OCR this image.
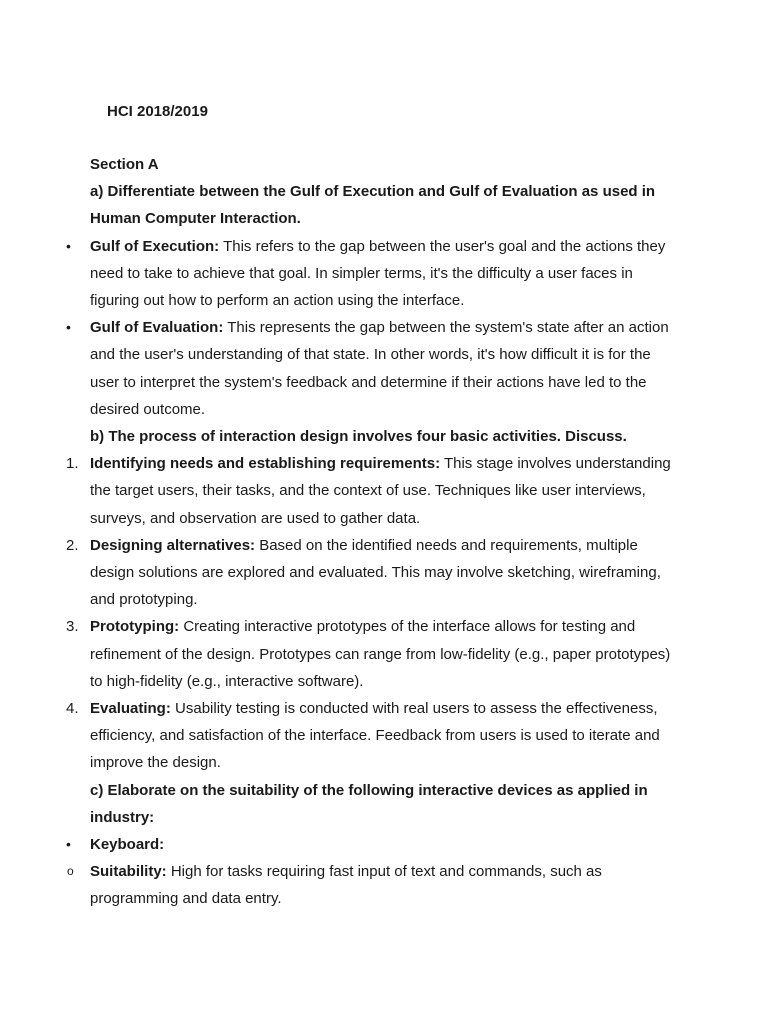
HCI 2018/2019

Section A

a) Differentiate between the Gulf of Execution and Gulf of Evaluation as used in Human Computer Interaction.

•	Gulf of Execution: This refers to the gap between the user's goal and the actions they need to take to achieve that goal. In simpler terms, it's the difficulty a user faces in figuring out how to perform an action using the interface.
•	Gulf of Evaluation: This represents the gap between the system's state after an action and the user's understanding of that state. In other words, it's how difficult it is for the user to interpret the system's feedback and determine if their actions have led to the desired outcome.

b) The process of interaction design involves four basic activities. Discuss.

1. Identifying needs and establishing requirements: This stage involves understanding the target users, their tasks, and the context of use. Techniques like user interviews, surveys, and observation are used to gather data.
2. Designing alternatives: Based on the identified needs and requirements, multiple design solutions are explored and evaluated. This may involve sketching, wireframing, and prototyping.
3. Prototyping: Creating interactive prototypes of the interface allows for testing and refinement of the design. Prototypes can range from low-fidelity (e.g., paper prototypes) to high-fidelity (e.g., interactive software).
4. Evaluating: Usability testing is conducted with real users to assess the effectiveness, efficiency, and satisfaction of the interface. Feedback from users is used to iterate and improve the design.

c) Elaborate on the suitability of the following interactive devices as applied in industry:

•	Keyboard:
o	Suitability: High for tasks requiring fast input of text and commands, such as programming and data entry.
